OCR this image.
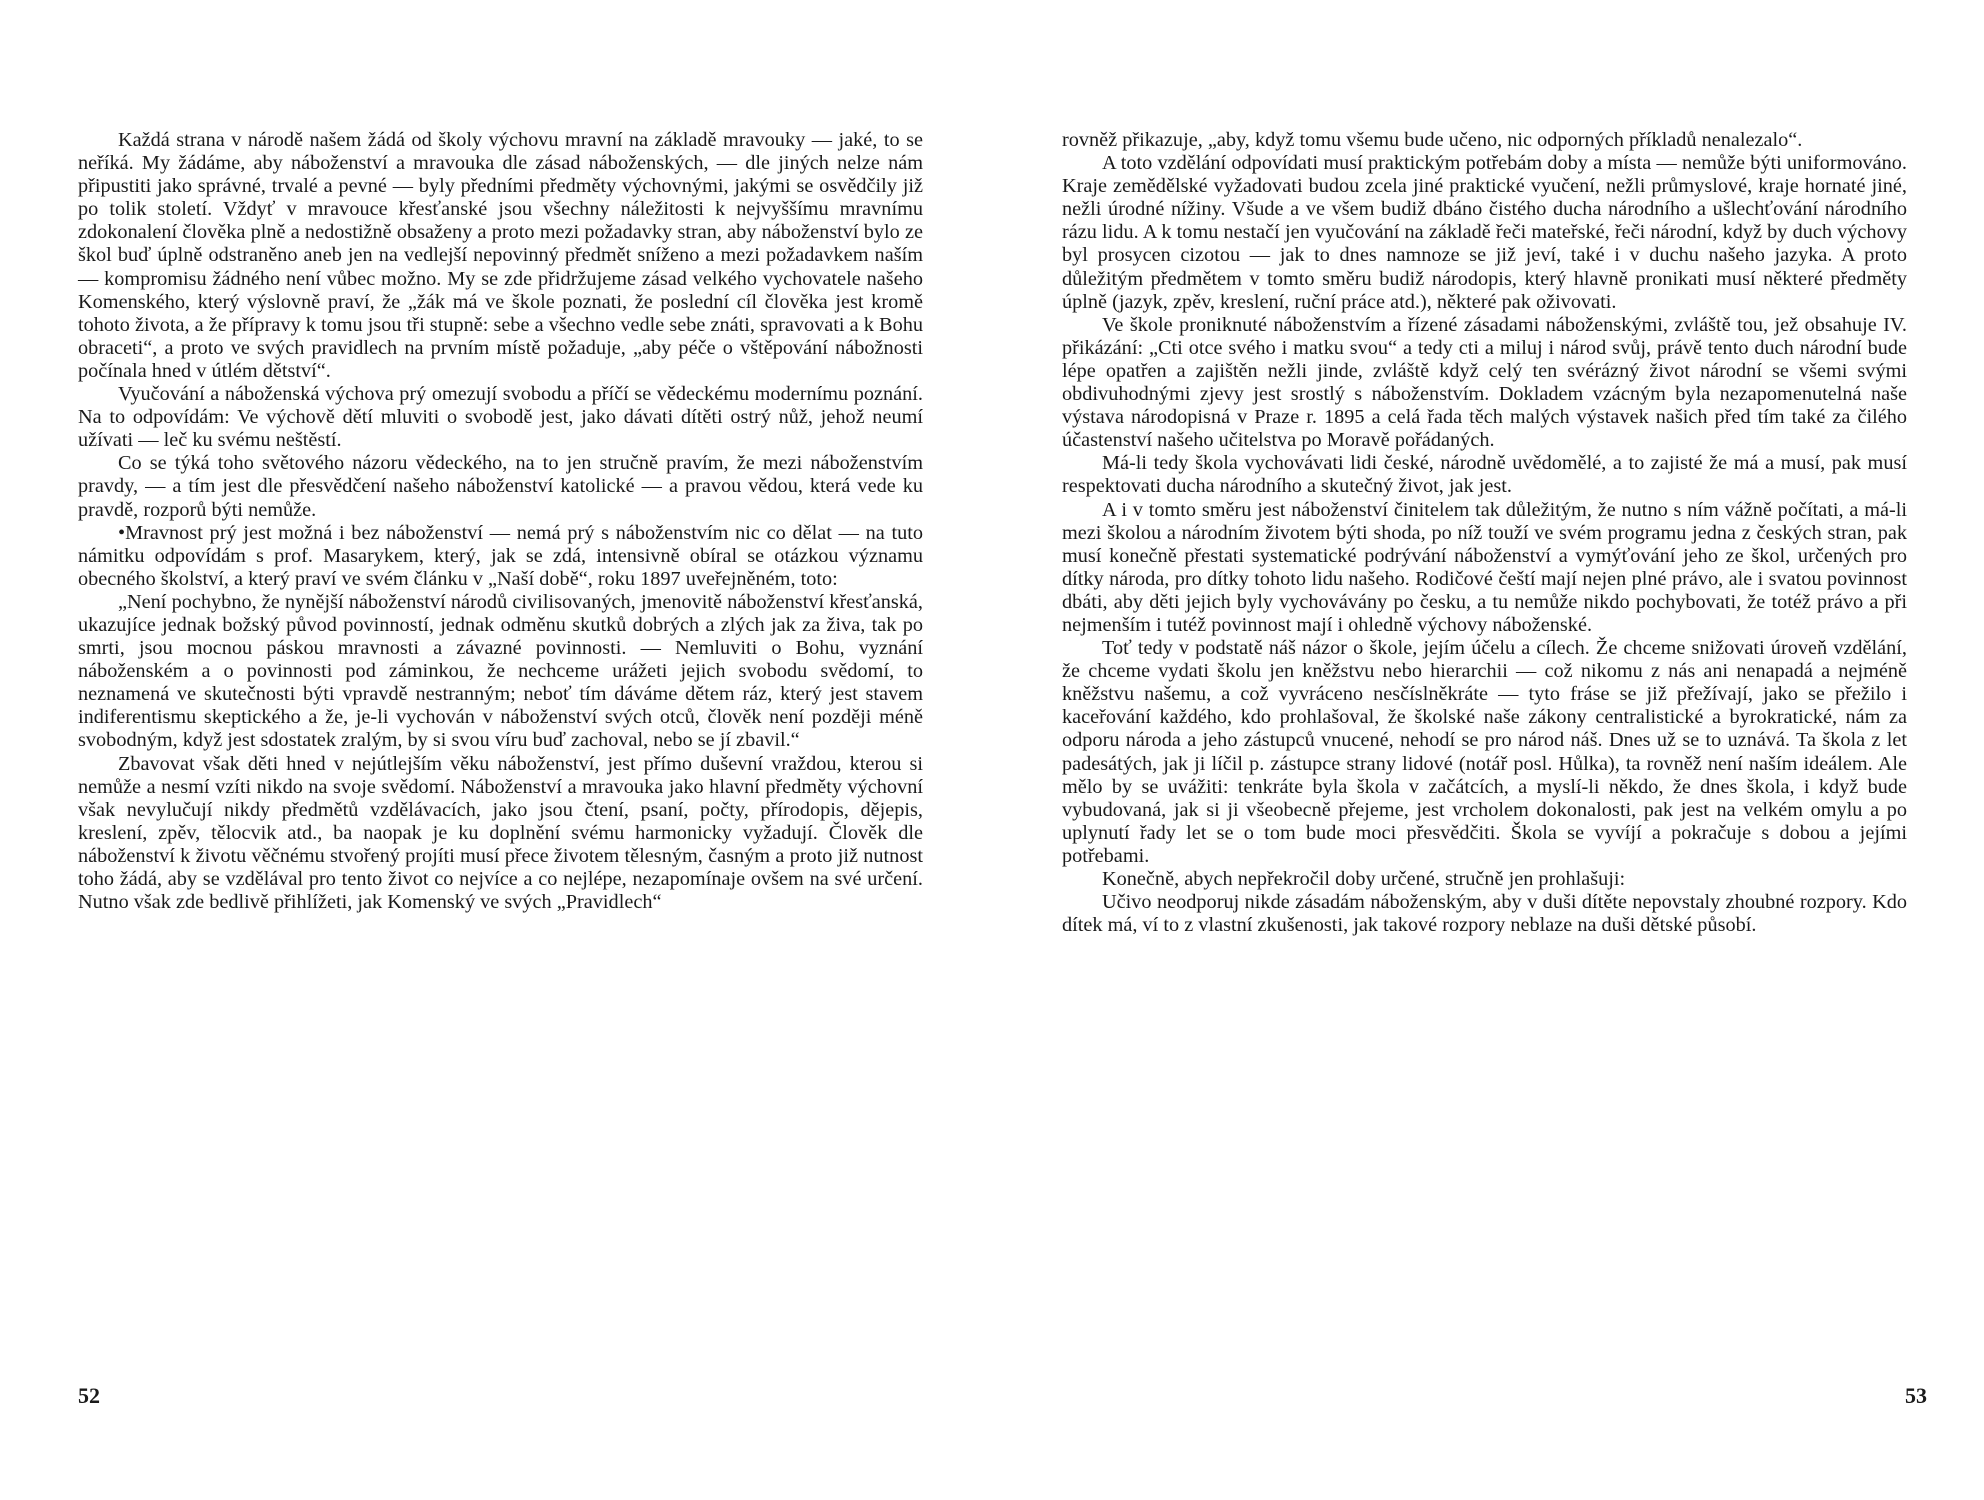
Každá strana v národě našem žádá od školy výchovu mravní na základě mravouky — jaké, to se neříká. My žádáme, aby náboženství a mravouka dle zásad náboženských, — dle jiných nelze nám připustiti jako správné, trvalé a pevné — byly předními předměty výchovnými, jakými se osvědčily již po tolik století. Vždyť v mravouce křesťanské jsou všechny náležitosti k nejvyššímu mravnímu zdokonalení člověka plně a nedostižně obsaženy a proto mezi požadavky stran, aby náboženství bylo ze škol buď úplně odstraněno aneb jen na vedlejší nepovinný předmět sníženo a mezi požadavkem naším — kompromisu žádného není vůbec možno. My se zde přidržujeme zásad velkého vychovatele našeho Komenského, který výslovně praví, že „žák má ve škole poznati, že poslední cíl člověka jest kromě tohoto života, a že přípravy k tomu jsou tři stupně: sebe a všechno vedle sebe znáti, spravovati a k Bohu obraceti“, a proto ve svých pravidlech na prvním místě požaduje, „aby péče o vštěpování nábožnosti počínala hned v útlém dětství“.

Vyučování a náboženská výchova prý omezují svobodu a příčí se vědeckému modernímu poznání. Na to odpovídám: Ve výchově dětí mluviti o svobodě jest, jako dávati dítěti ostrý nůž, jehož neumí užívati — leč ku svému neštěstí.

Co se týká toho světového názoru vědeckého, na to jen stručně pravím, že mezi náboženstvím pravdy, — a tím jest dle přesvědčení našeho náboženství katolické — a pravou vědou, která vede ku pravdě, rozporů býti nemůže.

•Mravnost prý jest možná i bez náboženství — nemá prý s náboženstvím nic co dělat — na tuto námitku odpovídám s prof. Masarykem, který, jak se zdá, intensivně obíral se otázkou významu obecného školství, a který praví ve svém článku v „Naší době“, roku 1897 uveřejněném, toto:

„Není pochybno, že nynější náboženství národů civilisovaných, jmenovitě náboženství křesťanská, ukazujíce jednak božský původ povinností, jednak odměnu skutků dobrých a zlých jak za živa, tak po smrti, jsou mocnou páskou mravnosti a závazné povinnosti. — Nemluviti o Bohu, vyznání náboženském a o povinnosti pod záminkou, že nechceme urážeti jejich svobodu svědomí, to neznamená ve skutečnosti býti vpravdě nestranným; neboť tím dáváme dětem ráz, který jest stavem indiferentismu skeptického a že, je-li vychován v náboženství svých otců, člověk není později méně svobodným, když jest sdostatek zralým, by si svou víru buď zachoval, nebo se jí zbavil.“

Zbavovat však děti hned v nejútlejším věku náboženství, jest přímo duševní vraždou, kterou si nemůže a nesmí vzíti nikdo na svoje svědomí. Náboženství a mravouka jako hlavní předměty výchovní však nevylučují nikdy předmětů vzdělávacích, jako jsou čtení, psaní, počty, přírodopis, dějepis, kreslení, zpěv, tělocvik atd., ba naopak je ku doplnění svému harmonicky vyžadují. Člověk dle náboženství k životu věčnému stvořený projíti musí přece životem tělesným, časným a proto již nutnost toho žádá, aby se vzdělával pro tento život co nejvíce a co nejlépe, nezapomínaje ovšem na své určení. Nutno však zde bedlivě přihlížeti, jak Komenský ve svých „Pravidlech“

52

rovněž přikazuje, „aby, když tomu všemu bude učeno, nic odporných příkladů nenalezalo“.

A toto vzdělání odpovídati musí praktickým potřebám doby a místa — nemůže býti uniformováno. Kraje zemědělské vyžadovati budou zcela jiné praktické vyučení, nežli průmyslové, kraje hornaté jiné, nežli úrodné nížiny. Všude a ve všem budiž dbáno čistého ducha národního a ušlechťování národního rázu lidu. A k tomu nestačí jen vyučování na základě řeči mateřské, řeči národní, když by duch výchovy byl prosycen cizotou — jak to dnes namnoze se již jeví, také i v duchu našeho jazyka. A proto důležitým předmětem v tomto směru budiž národopis, který hlavně pronikati musí některé předměty úplně (jazyk, zpěv, kreslení, ruční práce atd.), některé pak oživovati.

Ve škole proniknuté náboženstvím a řízené zásadami náboženskými, zvláště tou, jež obsahuje IV. přikázání: „Cti otce svého i matku svou“ a tedy cti a miluj i národ svůj, právě tento duch národní bude lépe opatřen a zajištěn nežli jinde, zvláště když celý ten svérázný život národní se všemi svými obdivuhodnými zjevy jest srostlý s náboženstvím. Dokladem vzácným byla nezapomenutelná naše výstava národopisná v Praze r. 1895 a celá řada těch malých výstavek našich před tím také za čilého účastenství našeho učitelstva po Moravě pořádaných.

Má-li tedy škola vychovávati lidi české, národně uvědomělé, a to zajisté že má a musí, pak musí respektovati ducha národního a skutečný život, jak jest.

A i v tomto směru jest náboženství činitelem tak důležitým, že nutno s ním vážně počítati, a má-li mezi školou a národním životem býti shoda, po níž touží ve svém programu jedna z českých stran, pak musí konečně přestati systematické podrývání náboženství a vymýťování jeho ze škol, určených pro dítky národa, pro dítky tohoto lidu našeho. Rodičové čeští mají nejen plné právo, ale i svatou povinnost dbáti, aby děti jejich byly vychovávány po česku, a tu nemůže nikdo pochybovati, že totéž právo a při nejmenším i tutéž povinnost mají i ohledně výchovy náboženské.

Toť tedy v podstatě náš názor o škole, jejím účelu a cílech. Že chceme snižovati úroveň vzdělání, že chceme vydati školu jen kněžstvu nebo hierarchii — což nikomu z nás ani nenapadá a nejméně kněžstvu našemu, a což vyvráceno nesčíslněkráte — tyto fráse se již přežívají, jako se přežilo i kaceřování každého, kdo prohlašoval, že školské naše zákony centralistické a byrokratické, nám za odporu národa a jeho zástupců vnucené, nehodí se pro národ náš. Dnes už se to uznává. Ta škola z let padesátých, jak ji líčil p. zástupce strany lidové (notář posl. Hůlka), ta rovněž není naším ideálem. Ale mělo by se uvážiti: tenkráte byla škola v začátcích, a myslí-li někdo, že dnes škola, i když bude vybudovaná, jak si ji všeobecně přejeme, jest vrcholem dokonalosti, pak jest na velkém omylu a po uplynutí řady let se o tom bude moci přesvědčiti. Škola se vyvíjí a pokračuje s dobou a jejími potřebami.

Konečně, abych nepřekročil doby určené, stručně jen prohlašuji:

Učivo neodporuj nikde zásadám náboženským, aby v duši dítěte nepovstaly zhoubné rozpory. Kdo dítek má, ví to z vlastní zkušenosti, jak takové rozpory neblaze na duši dětské působí.

53
